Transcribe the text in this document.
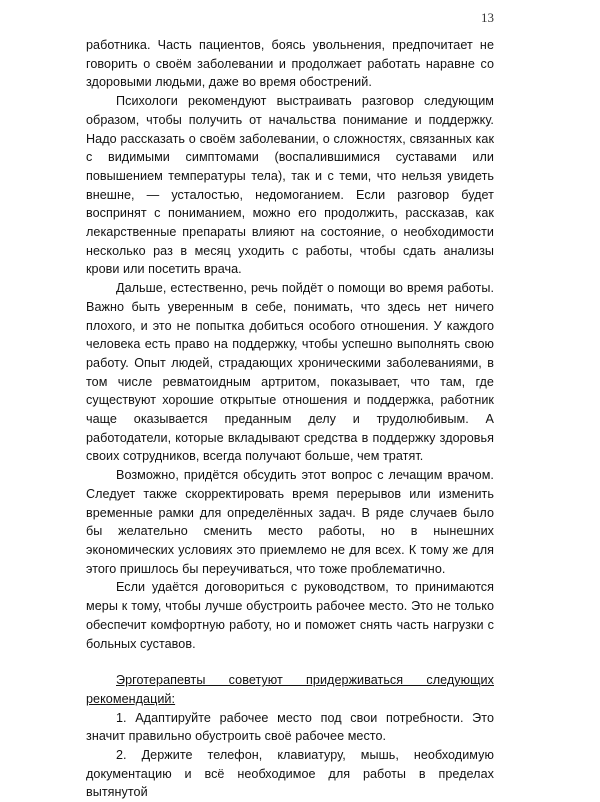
13

работника. Часть пациентов, боясь увольнения, предпочитает не говорить о своём заболевании и продолжает работать наравне со здоровыми людьми, даже во время обострений.

Психологи рекомендуют выстраивать разговор следующим образом, чтобы получить от начальства понимание и поддержку. Надо рассказать о своём заболевании, о сложностях, связанных как с видимыми симптомами (воспалившимися суставами или повышением температуры тела), так и с теми, что нельзя увидеть внешне, — усталостью, недомоганием. Если разговор будет воспринят с пониманием, можно его продолжить, рассказав, как лекарственные препараты влияют на состояние, о необходимости несколько раз в месяц уходить с работы, чтобы сдать анализы крови или посетить врача.

Дальше, естественно, речь пойдёт о помощи во время работы. Важно быть уверенным в себе, понимать, что здесь нет ничего плохого, и это не попытка добиться особого отношения. У каждого человека есть право на поддержку, чтобы успешно выполнять свою работу. Опыт людей, страдающих хроническими заболеваниями, в том числе ревматоидным артритом, показывает, что там, где существуют хорошие открытые отношения и поддержка, работник чаще оказывается преданным делу и трудолюбивым. А работодатели, которые вкладывают средства в поддержку здоровья своих сотрудников, всегда получают больше, чем тратят.

Возможно, придётся обсудить этот вопрос с лечащим врачом. Следует также скорректировать время перерывов или изменить временные рамки для определённых задач. В ряде случаев было бы желательно сменить место работы, но в нынешних экономических условиях это приемлемо не для всех. К тому же для этого пришлось бы переучиваться, что тоже проблематично.

Если удаётся договориться с руководством, то принимаются меры к тому, чтобы лучше обустроить рабочее место. Это не только обеспечит комфортную работу, но и поможет снять часть нагрузки с больных суставов.

Эрготерапевты советуют придерживаться следующих рекомендаций:

1. Адаптируйте рабочее место под свои потребности. Это значит правильно обустроить своё рабочее место.

2. Держите телефон, клавиатуру, мышь, необходимую документацию и всё необходимое для работы в пределах вытянутой
